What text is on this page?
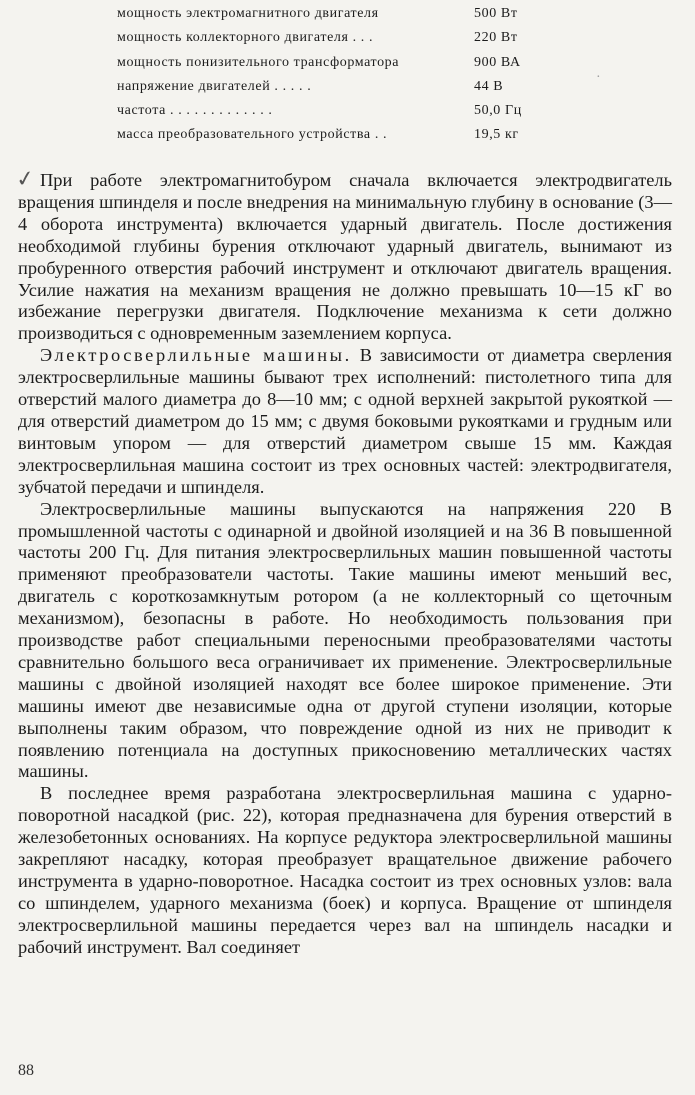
мощность электромагнитного двигателя	500 Вт
мощность коллекторного двигателя . . .	220 Вт
мощность понизительного трансформатора	900 ВА
напряжение двигателей . . . . .	44 В
частота . . . . . . . . . . . . .	50,0 Гц
масса преобразовательного устройства . .	19,5 кг
✓
·

При работе электромагнитобуром сначала включается электродвигатель вращения шпинделя и после внедрения на минимальную глубину в основание (3—4 оборота инструмента) включается ударный двигатель. После достижения необходимой глубины бурения отключают ударный двигатель, вынимают из пробуренного отверстия рабочий инструмент и отключают двигатель вращения. Усилие нажатия на механизм вращения не должно превышать 10—15 кГ во избежание перегрузки двигателя. Подключение механизма к сети должно производиться с одновременным заземлением корпуса.

Электросверлильные машины. В зависимости от диаметра сверления электросверлильные машины бывают трех исполнений: пистолетного типа для отверстий малого диаметра до 8—10 мм; с одной верхней закрытой рукояткой — для отверстий диаметром до 15 мм; с двумя боковыми рукоятками и грудным или винтовым упором — для отверстий диаметром свыше 15 мм. Каждая электросверлильная машина состоит из трех основных частей: электродвигателя, зубчатой передачи и шпинделя.

Электросверлильные машины выпускаются на напряжения 220 В промышленной частоты с одинарной и двойной изоляцией и на 36 В повышенной частоты 200 Гц. Для питания электросверлильных машин повышенной частоты применяют преобразователи частоты. Такие машины имеют меньший вес, двигатель с короткозамкнутым ротором (а не коллекторный со щеточным механизмом), безопасны в работе. Но необходимость пользования при производстве работ специальными переносными преобразователями частоты сравнительно большого веса ограничивает их применение. Электросверлильные машины с двойной изоляцией находят все более широкое применение. Эти машины имеют две независимые одна от другой ступени изоляции, которые выполнены таким образом, что повреждение одной из них не приводит к появлению потенциала на доступных прикосновению металлических частях машины.

В последнее время разработана электросверлильная машина с ударно-поворотной насадкой (рис. 22), которая предназначена для бурения отверстий в железобетонных основаниях. На корпусе редуктора электросверлильной машины закрепляют насадку, которая преобразует вращательное движение рабочего инструмента в ударно-поворотное. Насадка состоит из трех основных узлов: вала со шпинделем, ударного механизма (боек) и корпуса. Вращение от шпинделя электросверлильной машины передается через вал на шпиндель насадки и рабочий инструмент. Вал соединяет

88
